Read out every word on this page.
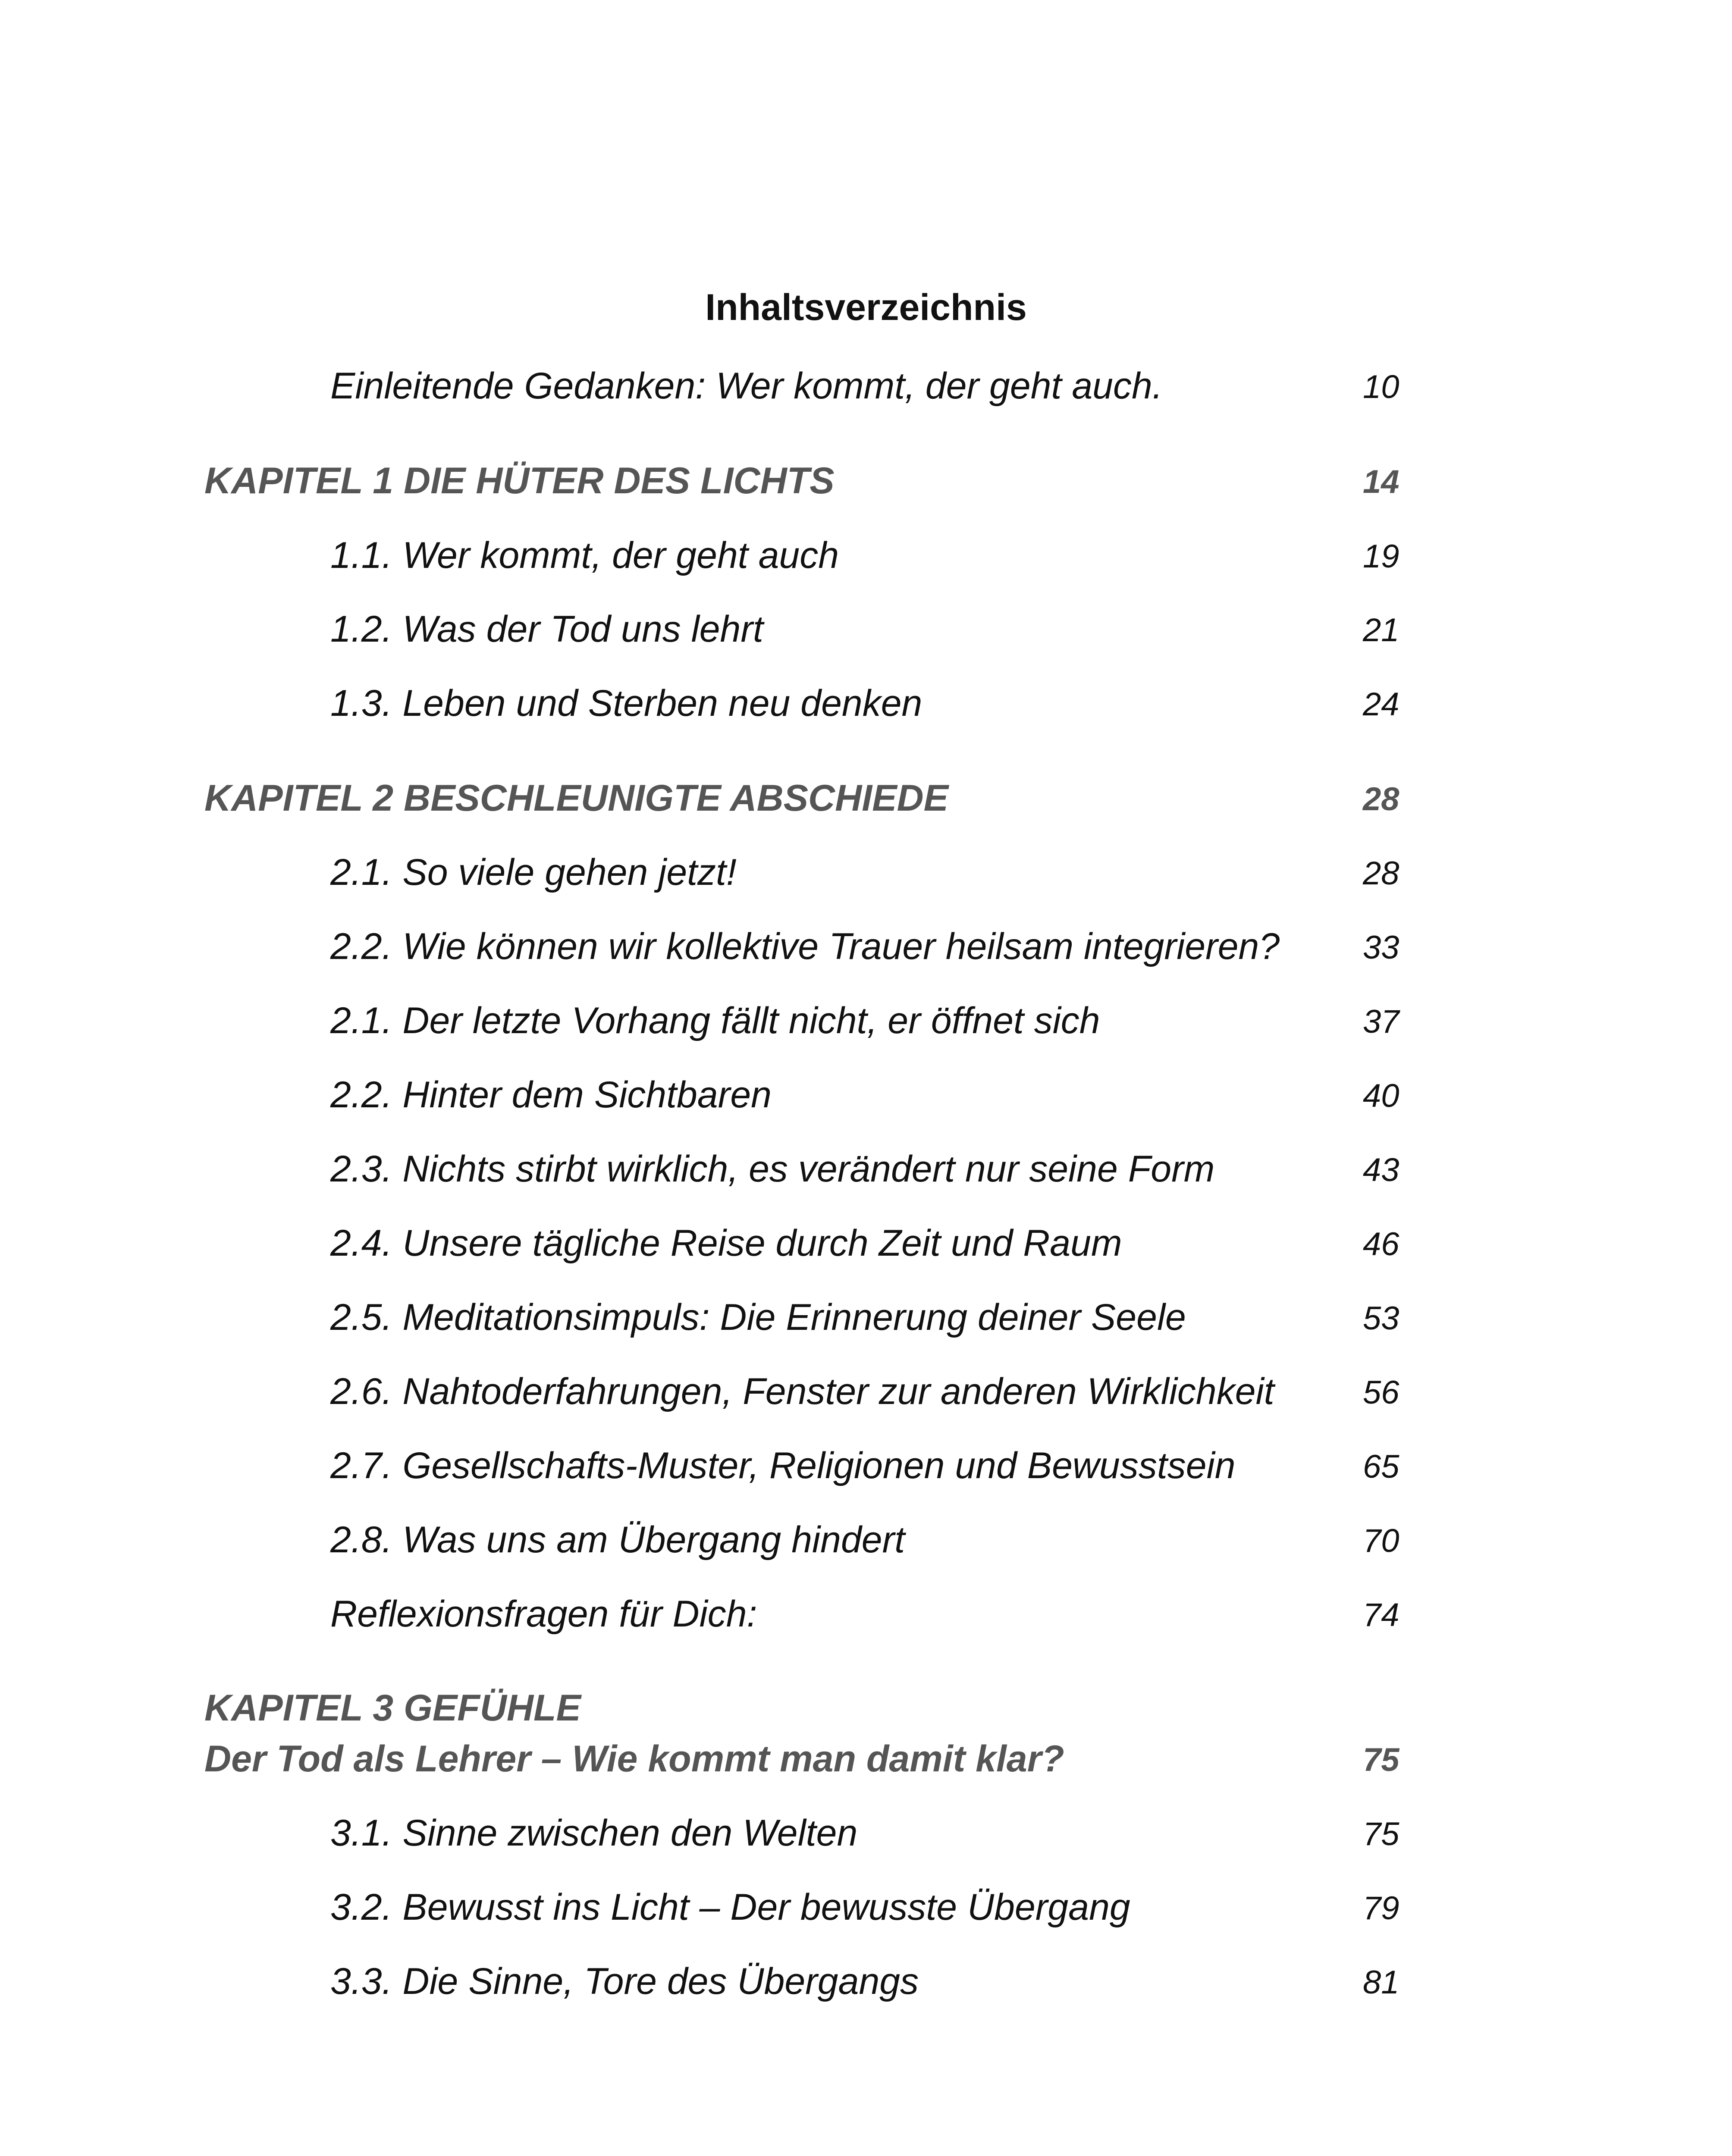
Inhaltsverzeichnis
Einleitende Gedanken: Wer kommt, der geht auch.	10
KAPITEL 1 DIE HÜTER DES LICHTS	14
1.1. Wer kommt, der geht auch	19
1.2. Was der Tod uns lehrt	21
1.3. Leben und Sterben neu denken	24
KAPITEL 2 BESCHLEUNIGTE ABSCHIEDE	28
2.1. So viele gehen jetzt!	28
2.2. Wie können wir kollektive Trauer heilsam integrieren?	33
2.1. Der letzte Vorhang fällt nicht, er öffnet sich	37
2.2. Hinter dem Sichtbaren	40
2.3. Nichts stirbt wirklich, es verändert nur seine Form	43
2.4. Unsere tägliche Reise durch Zeit und Raum	46
2.5. Meditationsimpuls: Die Erinnerung deiner Seele	53
2.6. Nahtoderfahrungen, Fenster zur anderen Wirklichkeit	56
2.7. Gesellschafts-Muster, Religionen und Bewusstsein	65
2.8. Was uns am Übergang hindert	70
Reflexionsfragen für Dich:	74
KAPITEL 3 GEFÜHLE
Der Tod als Lehrer – Wie kommt man damit klar?	75
3.1. Sinne zwischen den Welten	75
3.2. Bewusst ins Licht – Der bewusste Übergang	79
3.3. Die Sinne, Tore des Übergangs	81
